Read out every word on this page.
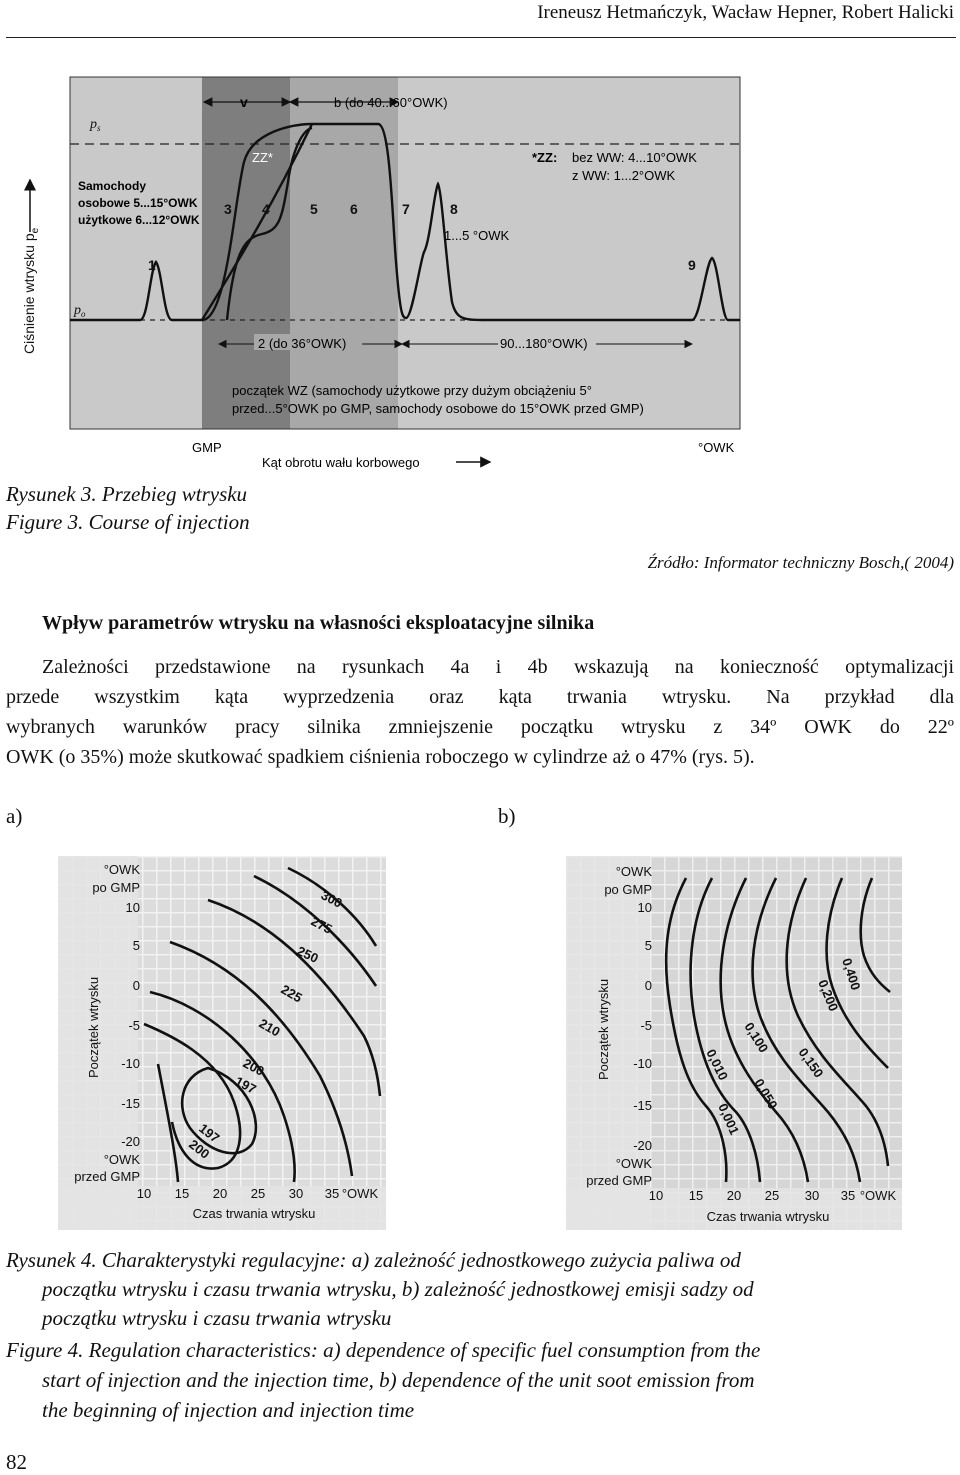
Ireneusz Hetmańczyk, Wacław Hepner, Robert Halicki
Ciśnienie wtrysku $p_e$
$p_s$
$p_o$
v	b (do 40...60°OWK)
ZZ*	*ZZ: bez WW: 4...10°OWK
z WW: 1...2°OWK
Samochody
osobowe 5...15°OWK
użytkowe 6...12°OWK
1
3 4	5 6	7	8
9
1...5 °OWK
2 (do 36°OWK)	90...180°OWK)
początek WZ (samochody użytkowe przy dużym obciążeniu 5°
przed...5°OWK po GMP, samochody osobowe do 15°OWK przed GMP)
GMP	°OWK
Kąt obrotu wału korbowego
Rysunek 3. Przebieg wtrysku
Figure 3. Course of injection
Źródło: Informator techniczny Bosch,( 2004)
Wpływ parametrów wtrysku na własności eksploatacyjne silnika
Zależności przedstawione na rysunkach 4a i 4b wskazują na konieczność optymalizacji
przede wszystkim kąta wyprzedzenia oraz kąta trwania wtrysku. Na przykład dla
wybranych warunków pracy silnika zmniejszenie początku wtrysku z 34º OWK do 22º
OWK (o 35%) może skutkować spadkiem ciśnienia roboczego w cylindrze aż o 47% (rys. 5).
a)	b)
°OWK
po GMP
10
5
0
-5
-10
-15
-20
°OWK
przed GMP
10 15 20 25 30 35 °OWK
Czas trwania wtrysku
Początek wtrysku
300
275
250
225
210
200
197
197
200
°OWK
po GMP
10
5
0
-5
-10
-15
-20
°OWK
przed GMP
10 15 20 25 30 35 °OWK
Czas trwania wtrysku
Początek wtrysku
0,400
0,200
0,150
0,100
0,050
0,010
0,001
Rysunek 4. Charakterystyki regulacyjne: a) zależność jednostkowego zużycia paliwa od
początku wtrysku i czasu trwania wtrysku, b) zależność jednostkowej emisji sadzy od
początku wtrysku i czasu trwania wtrysku
Figure 4. Regulation characteristics: a) dependence of specific fuel consumption from the
start of injection and the injection time, b) dependence of the unit soot emission from
the beginning of injection and injection time
82
